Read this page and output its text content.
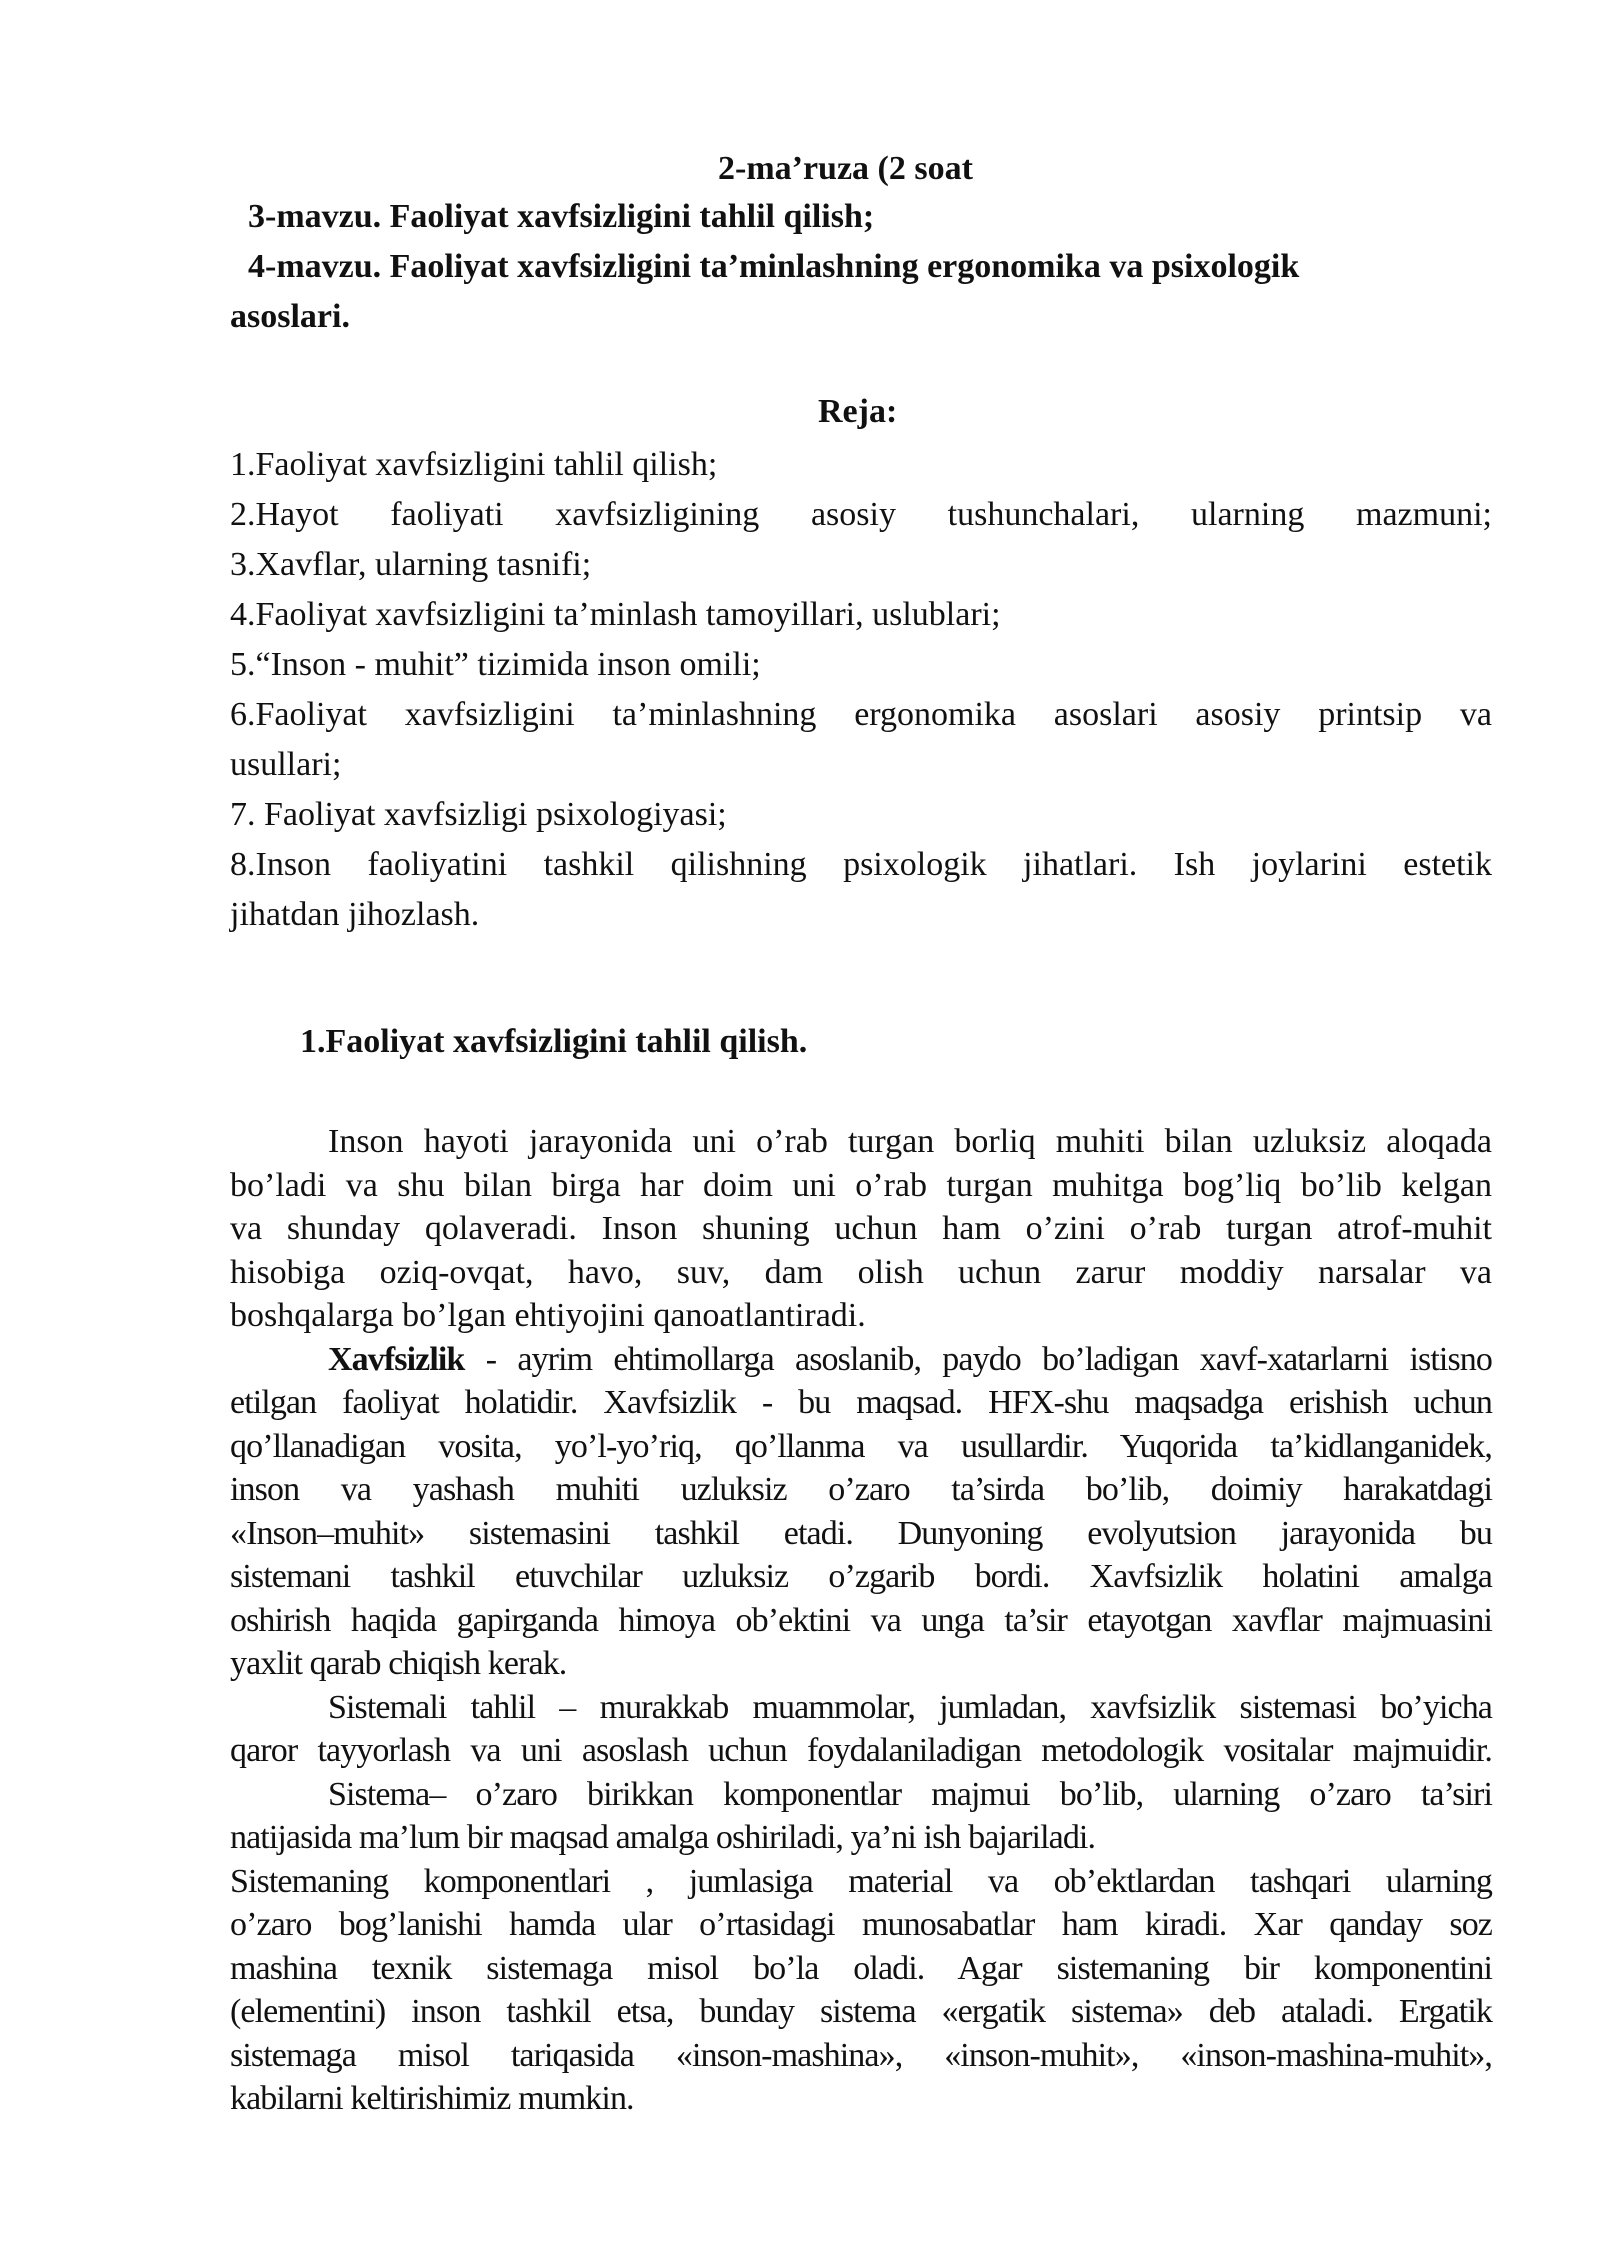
2-ma’ruza (2 soat
3-mavzu. Faoliyat xavfsizligini tahlil qilish;
4-mavzu. Faoliyat xavfsizligini ta’minlashning ergonomika va psixologik
asoslari.
Reja:
1.Faoliyat xavfsizligini tahlil qilish;
2.Hayot faoliyati xavfsizligining asosiy tushunchalari, ularning mazmuni;
3.Xavflar, ularning tasnifi;
4.Faoliyat xavfsizligini ta’minlash tamoyillari, uslublari;
5.“Inson - muhit” tizimida inson omili;
6.Faoliyat xavfsizligini ta’minlashning ergonomika asoslari asosiy printsip va
usullari;
7. Faoliyat xavfsizligi psixologiyasi;
8.Inson faoliyatini tashkil qilishning psixologik jihatlari. Ish joylarini estetik
jihatdan jihozlash.
1.Faoliyat xavfsizligini tahlil qilish.
Inson hayoti jarayonida uni o’rab turgan borliq muhiti bilan uzluksiz aloqada
bo’ladi va shu bilan birga har doim uni o’rab turgan muhitga bog’liq bo’lib kelgan
va shunday qolaveradi. Inson shuning uchun ham o’zini o’rab turgan atrof-muhit
hisobiga oziq-ovqat, havo, suv, dam olish uchun zarur moddiy narsalar va
boshqalarga bo’lgan ehtiyojini qanoatlantiradi.
Xavfsizlik - ayrim ehtimollarga asoslanib, paydo bo’ladigan xavf-xatarlarni istisno
etilgan faoliyat holatidir. Xavfsizlik - bu maqsad. HFX-shu maqsadga erishish uchun
qo’llanadigan vosita, yo’l-yo’riq, qo’llanma va usullardir. Yuqorida ta’kidlanganidek,
inson va yashash muhiti uzluksiz o’zaro ta’sirda bo’lib, doimiy harakatdagi
«Inson–muhit» sistemasini tashkil etadi. Dunyoning evolyutsion jarayonida bu
sistemani tashkil etuvchilar uzluksiz o’zgarib bordi. Xavfsizlik holatini amalga
oshirish haqida gapirganda himoya ob’ektini va unga ta’sir etayotgan xavflar majmuasini
yaxlit qarab chiqish kerak.
Sistemali tahlil – murakkab muammolar, jumladan, xavfsizlik sistemasi bo’yicha
qaror tayyorlash va uni asoslash uchun foydalaniladigan metodologik vositalar majmuidir.
Sistema– o’zaro birikkan komponentlar majmui bo’lib, ularning o’zaro ta’siri
natijasida ma’lum bir maqsad amalga oshiriladi, ya’ni ish bajariladi.
Sistemaning komponentlari , jumlasiga material va ob’ektlardan tashqari ularning
o’zaro bog’lanishi hamda ular o’rtasidagi munosabatlar ham kiradi. Xar qanday soz
mashina texnik sistemaga misol bo’la oladi. Agar sistemaning bir komponentini
(elementini) inson tashkil etsa, bunday sistema «ergatik sistema» deb ataladi. Ergatik
sistemaga misol tariqasida «inson-mashina», «inson-muhit», «inson-mashina-muhit»,
kabilarni keltirishimiz mumkin.
